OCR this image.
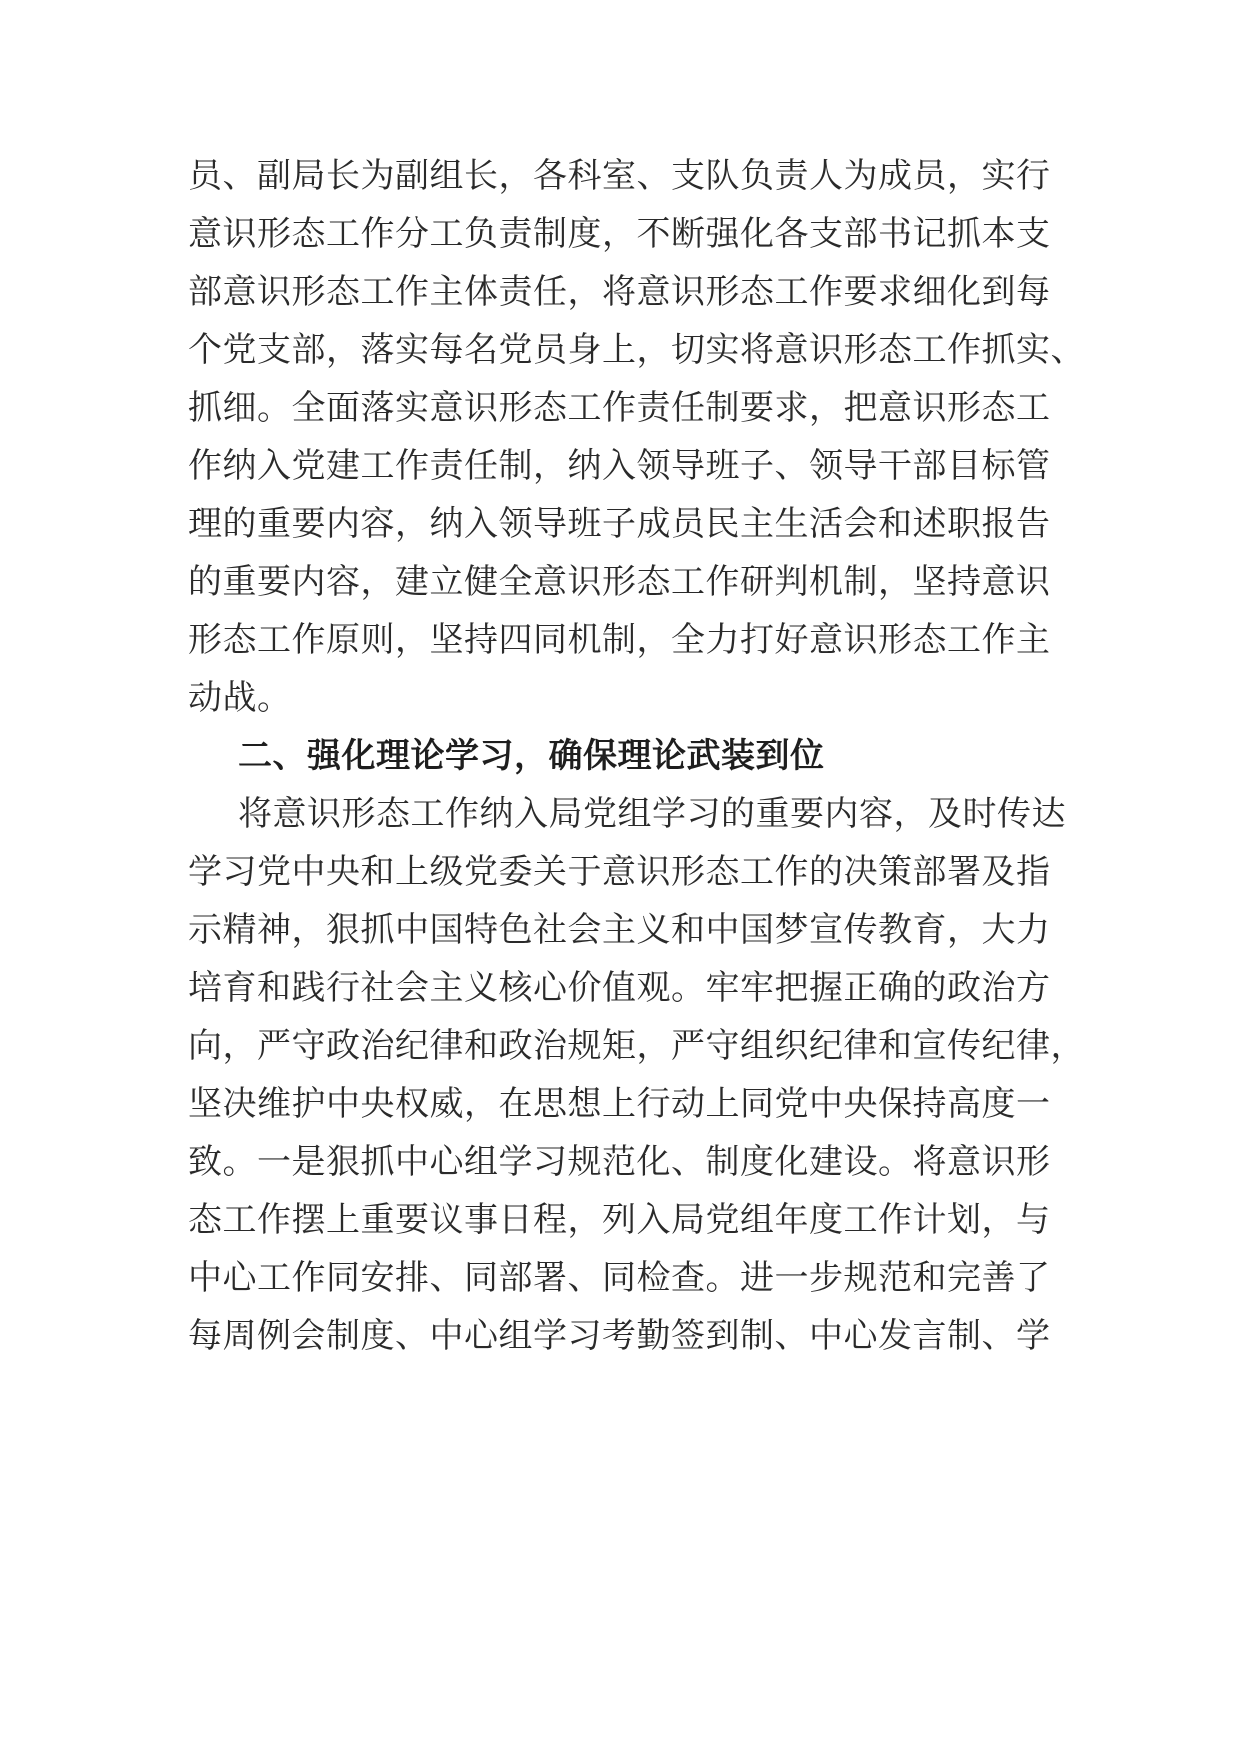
员、副局长为副组长，各科室、支队负责人为成员，实行
意识形态工作分工负责制度，不断强化各支部书记抓本支
部意识形态工作主体责任，将意识形态工作要求细化到每
个党支部，落实每名党员身上，切实将意识形态工作抓实、
抓细。全面落实意识形态工作责任制要求，把意识形态工
作纳入党建工作责任制，纳入领导班子、领导干部目标管
理的重要内容，纳入领导班子成员民主生活会和述职报告
的重要内容，建立健全意识形态工作研判机制，坚持意识
形态工作原则，坚持四同机制，全力打好意识形态工作主
动战。
二、强化理论学习，确保理论武装到位
将意识形态工作纳入局党组学习的重要内容，及时传达
学习党中央和上级党委关于意识形态工作的决策部署及指
示精神，狠抓中国特色社会主义和中国梦宣传教育，大力
培育和践行社会主义核心价值观。牢牢把握正确的政治方
向，严守政治纪律和政治规矩，严守组织纪律和宣传纪律，
坚决维护中央权威，在思想上行动上同党中央保持高度一
致。一是狠抓中心组学习规范化、制度化建设。将意识形
态工作摆上重要议事日程，列入局党组年度工作计划，与
中心工作同安排、同部署、同检查。进一步规范和完善了
每周例会制度、中心组学习考勤签到制、中心发言制、学
